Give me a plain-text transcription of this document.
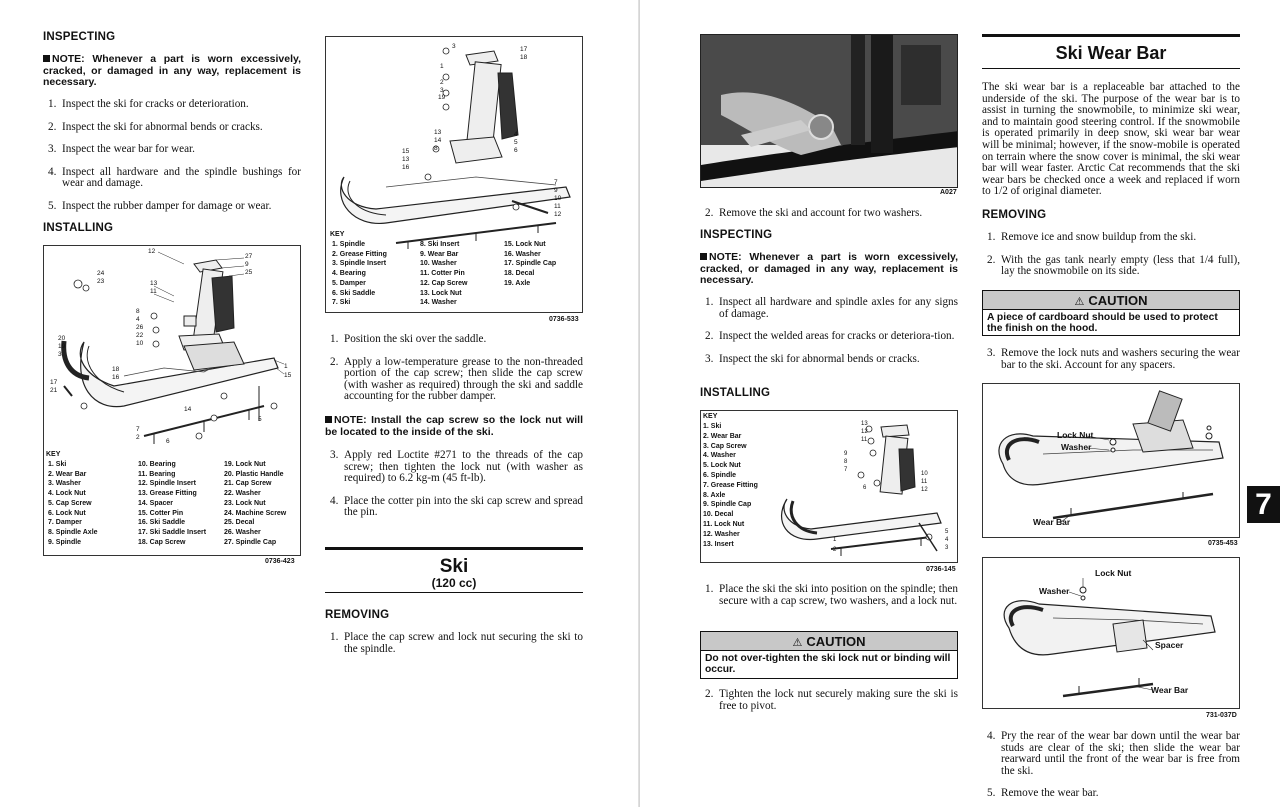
INSPECTING
NOTE: Whenever a part is worn excessively, cracked, or damaged in any way, replacement is necessary.
1. Inspect the ski for cracks or deterioration.
2. Inspect the ski for abnormal bends or cracks.
3. Inspect the wear bar for wear.
4. Inspect all hardware and the spindle bushings for wear and damage.
5. Inspect the rubber damper for damage or wear.
INSTALLING
12
27
9
25
24
23	13
11
8
4
26
22
10
20
19
3
18
16
17
21
14
1
15
7
2
5
6
KEY
1. Ski
2. Wear Bar
3. Washer
4. Lock Nut
5. Cap Screw
6. Lock Nut
7. Damper
8. Spindle Axle
9. Spindle
10. Bearing
11. Bearing
12. Spindle Insert
13. Grease Fitting
14. Spacer
15. Cotter Pin
16. Ski Saddle
17. Ski Saddle Insert
18. Cap Screw
19. Lock Nut
20. Plastic Handle
21. Cap Screw
22. Washer
23. Lock Nut
24. Machine Screw
25. Decal
26. Washer
27. Spindle Cap
0736-423
3	17
18
1
2
3
19
13
14
8
15
13
16
4
5
6
7
9
10
11
12
KEY
1. Spindle
2. Grease Fitting
3. Spindle Insert
4. Bearing
5. Damper
6. Ski Saddle
7. Ski
8. Ski Insert
9. Wear Bar
10. Washer
11. Cotter Pin
12. Cap Screw
13. Lock Nut
14. Washer
15. Lock Nut
16. Washer
17. Spindle Cap
18. Decal
19. Axle
0736-533
1. Position the ski over the saddle.
2. Apply a low-temperature grease to the non-threaded portion of the cap screw; then slide the cap screw (with washer as required) through the ski and saddle accounting for the rubber damper.
NOTE: Install the cap screw so the lock nut will be located to the inside of the ski.
3. Apply red Loctite #271 to the threads of the cap screw; then tighten the lock nut (with washer as required) to 6.2 kg-m (45 ft-lb).
4. Place the cotter pin into the ski cap screw and spread the pin.
Ski
(120 cc)
REMOVING
1. Place the cap screw and lock nut securing the ski to the spindle.
A027
2. Remove the ski and account for two washers.
INSPECTING
NOTE: Whenever a part is worn excessively, cracked, or damaged in any way, replacement is necessary.
1. Inspect all hardware and spindle axles for any signs of damage.
2. Inspect the welded areas for cracks or deteriora-tion.
3. Inspect the ski for abnormal bends or cracks.
INSTALLING
KEY
1. Ski
2. Wear Bar
3. Cap Screw
4. Washer
5. Lock Nut
6. Spindle
7. Grease Fitting
8. Axle
9. Spindle Cap
10. Decal
11. Lock Nut
12. Washer
13. Insert
13
12
11
9
8
7
6
10
11
12
5
4
3
1
2
0736-145
1. Place the ski the ski into position on the spindle; then secure with a cap screw, two washers, and a lock nut.
⚠ CAUTION
Do not over-tighten the ski lock nut or binding will occur.
2. Tighten the lock nut securely making sure the ski is free to pivot.
Ski Wear Bar
The ski wear bar is a replaceable bar attached to the underside of the ski. The purpose of the wear bar is to assist in turning the snowmobile, to minimize ski wear, and to maintain good steering control. If the snowmobile is operated primarily in deep snow, ski wear bar wear will be minimal; however, if the snow-mobile is operated on terrain where the snow cover is minimal, the ski wear bar will wear faster. Arctic Cat recommends that the ski wear bars be checked once a week and replaced if worn to 1/2 of original diameter.
REMOVING
1. Remove ice and snow buildup from the ski.
2. With the gas tank nearly empty (less that 1/4 full), lay the snowmobile on its side.
⚠ CAUTION
A piece of cardboard should be used to protect the finish on the hood.
3. Remove the lock nuts and washers securing the wear bar to the ski. Account for any spacers.
Lock Nut
Washer
Wear Bar
0735-453
Lock Nut
Washer
Spacer
Wear Bar
731-037D
4. Pry the rear of the wear bar down until the wear bar studs are clear of the ski; then slide the wear bar rearward until the front of the wear bar is free from the ski.
5. Remove the wear bar.
7
